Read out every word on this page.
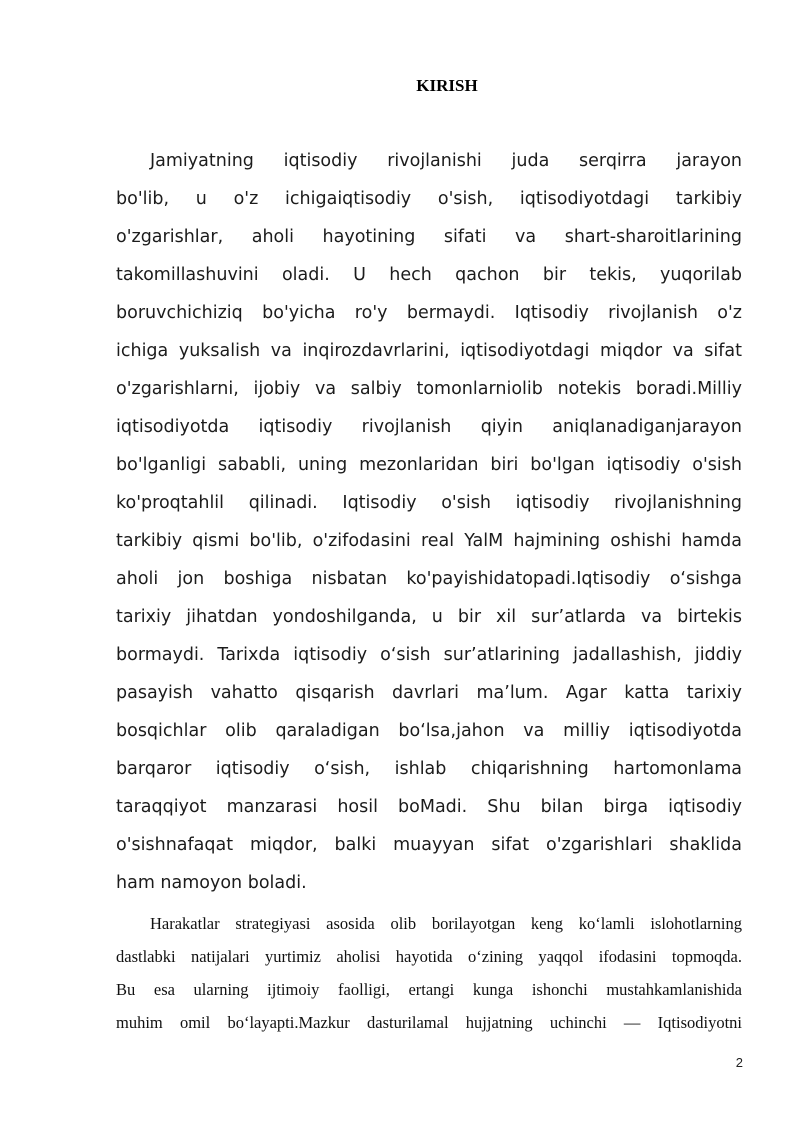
KIRISH

Jamiyatning iqtisodiy rivojlanishi juda serqirra jarayon

bo'lib, u o'z ichigaiqtisodiy o'sish, iqtisodiyotdagi tarkibiy

o'zgarishlar, aholi hayotining sifati va shart-sharoitlarining

takomillashuvini oladi. U hech qachon bir tekis, yuqorilab

boruvchichiziq bo'yicha ro'y bermaydi. Iqtisodiy rivojlanish o'z

ichiga yuksalish va inqirozdavrlarini, iqtisodiyotdagi miqdor va sifat

o'zgarishlarni, ijobiy va salbiy tomonlarniolib notekis boradi.Milliy

iqtisodiyotda iqtisodiy rivojlanish qiyin aniqlanadiganjarayon

bo'lganligi sababli, uning mezonlaridan biri bo'lgan iqtisodiy o'sish

ko'proqtahlil qilinadi. Iqtisodiy o'sish iqtisodiy rivojlanishning

tarkibiy qismi bo'lib, o'zifodasini real YalM hajmining oshishi hamda

aholi jon boshiga nisbatan ko'payishidatopadi.Iqtisodiy o‘sishga

tarixiy jihatdan yondoshilganda, u bir xil sur’atlarda va birtekis

bormaydi. Tarixda iqtisodiy o‘sish sur’atlarining jadallashish, jiddiy

pasayish vahatto qisqarish davrlari ma’lum. Agar katta tarixiy

bosqichlar olib qaraladigan bo‘lsa,jahon va milliy iqtisodiyotda

barqaror iqtisodiy o‘sish, ishlab chiqarishning hartomonlama

taraqqiyot manzarasi hosil boMadi. Shu bilan birga iqtisodiy

o'sishnafaqat miqdor, balki muayyan sifat o'zgarishlari shaklida

ham namoyon boladi.

Harakatlar strategiyasi asosida olib borilayotgan keng ko‘lamli islohotlarning

dastlabki natijalari yurtimiz aholisi hayotida o‘zining yaqqol ifodasini topmoqda.

Bu esa ularning ijtimoiy faolligi, ertangi kunga ishonchi mustahkamlanishida

muhim omil bo‘layapti.Mazkur dasturilamal hujjatning uchinchi — Iqtisodiyotni

2
